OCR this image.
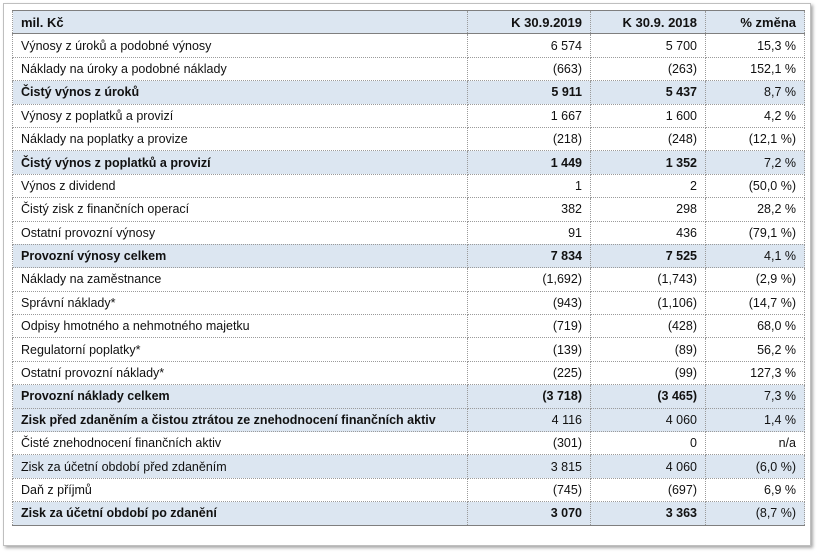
mil. Kč	K 30.9.2019	K 30.9. 2018	% změna
Výnosy z úroků a podobné výnosy	6 574	5 700	15,3 %
Náklady na úroky a podobné náklady	(663)	(263)	152,1 %
Čistý výnos z úroků	5 911	5 437	8,7 %
Výnosy z poplatků a provizí	1 667	1 600	4,2 %
Náklady na poplatky a provize	(218)	(248)	(12,1 %)
Čistý výnos z poplatků a provizí	1 449	1 352	7,2 %
Výnos z dividend	1	2	(50,0 %)
Čistý zisk z finančních operací	382	298	28,2 %
Ostatní provozní výnosy	91	436	(79,1 %)
Provozní výnosy celkem	7 834	7 525	4,1 %
Náklady na zaměstnance	(1,692)	(1,743)	(2,9 %)
Správní náklady*	(943)	(1,106)	(14,7 %)
Odpisy hmotného a nehmotného majetku	(719)	(428)	68,0 %
Regulatorní poplatky*	(139)	(89)	56,2 %
Ostatní provozní náklady*	(225)	(99)	127,3 %
Provozní náklady celkem	(3 718)	(3 465)	7,3 %
Zisk před zdaněním a čistou ztrátou ze znehodnocení finančních aktiv	4 116	4 060	1,4 %
Čisté znehodnocení finančních aktiv	(301)	0	n/a
Zisk za účetní období před zdaněním	3 815	4 060	(6,0 %)
Daň z příjmů	(745)	(697)	6,9 %
Zisk za účetní období po zdanění	3 070	3 363	(8,7 %)
